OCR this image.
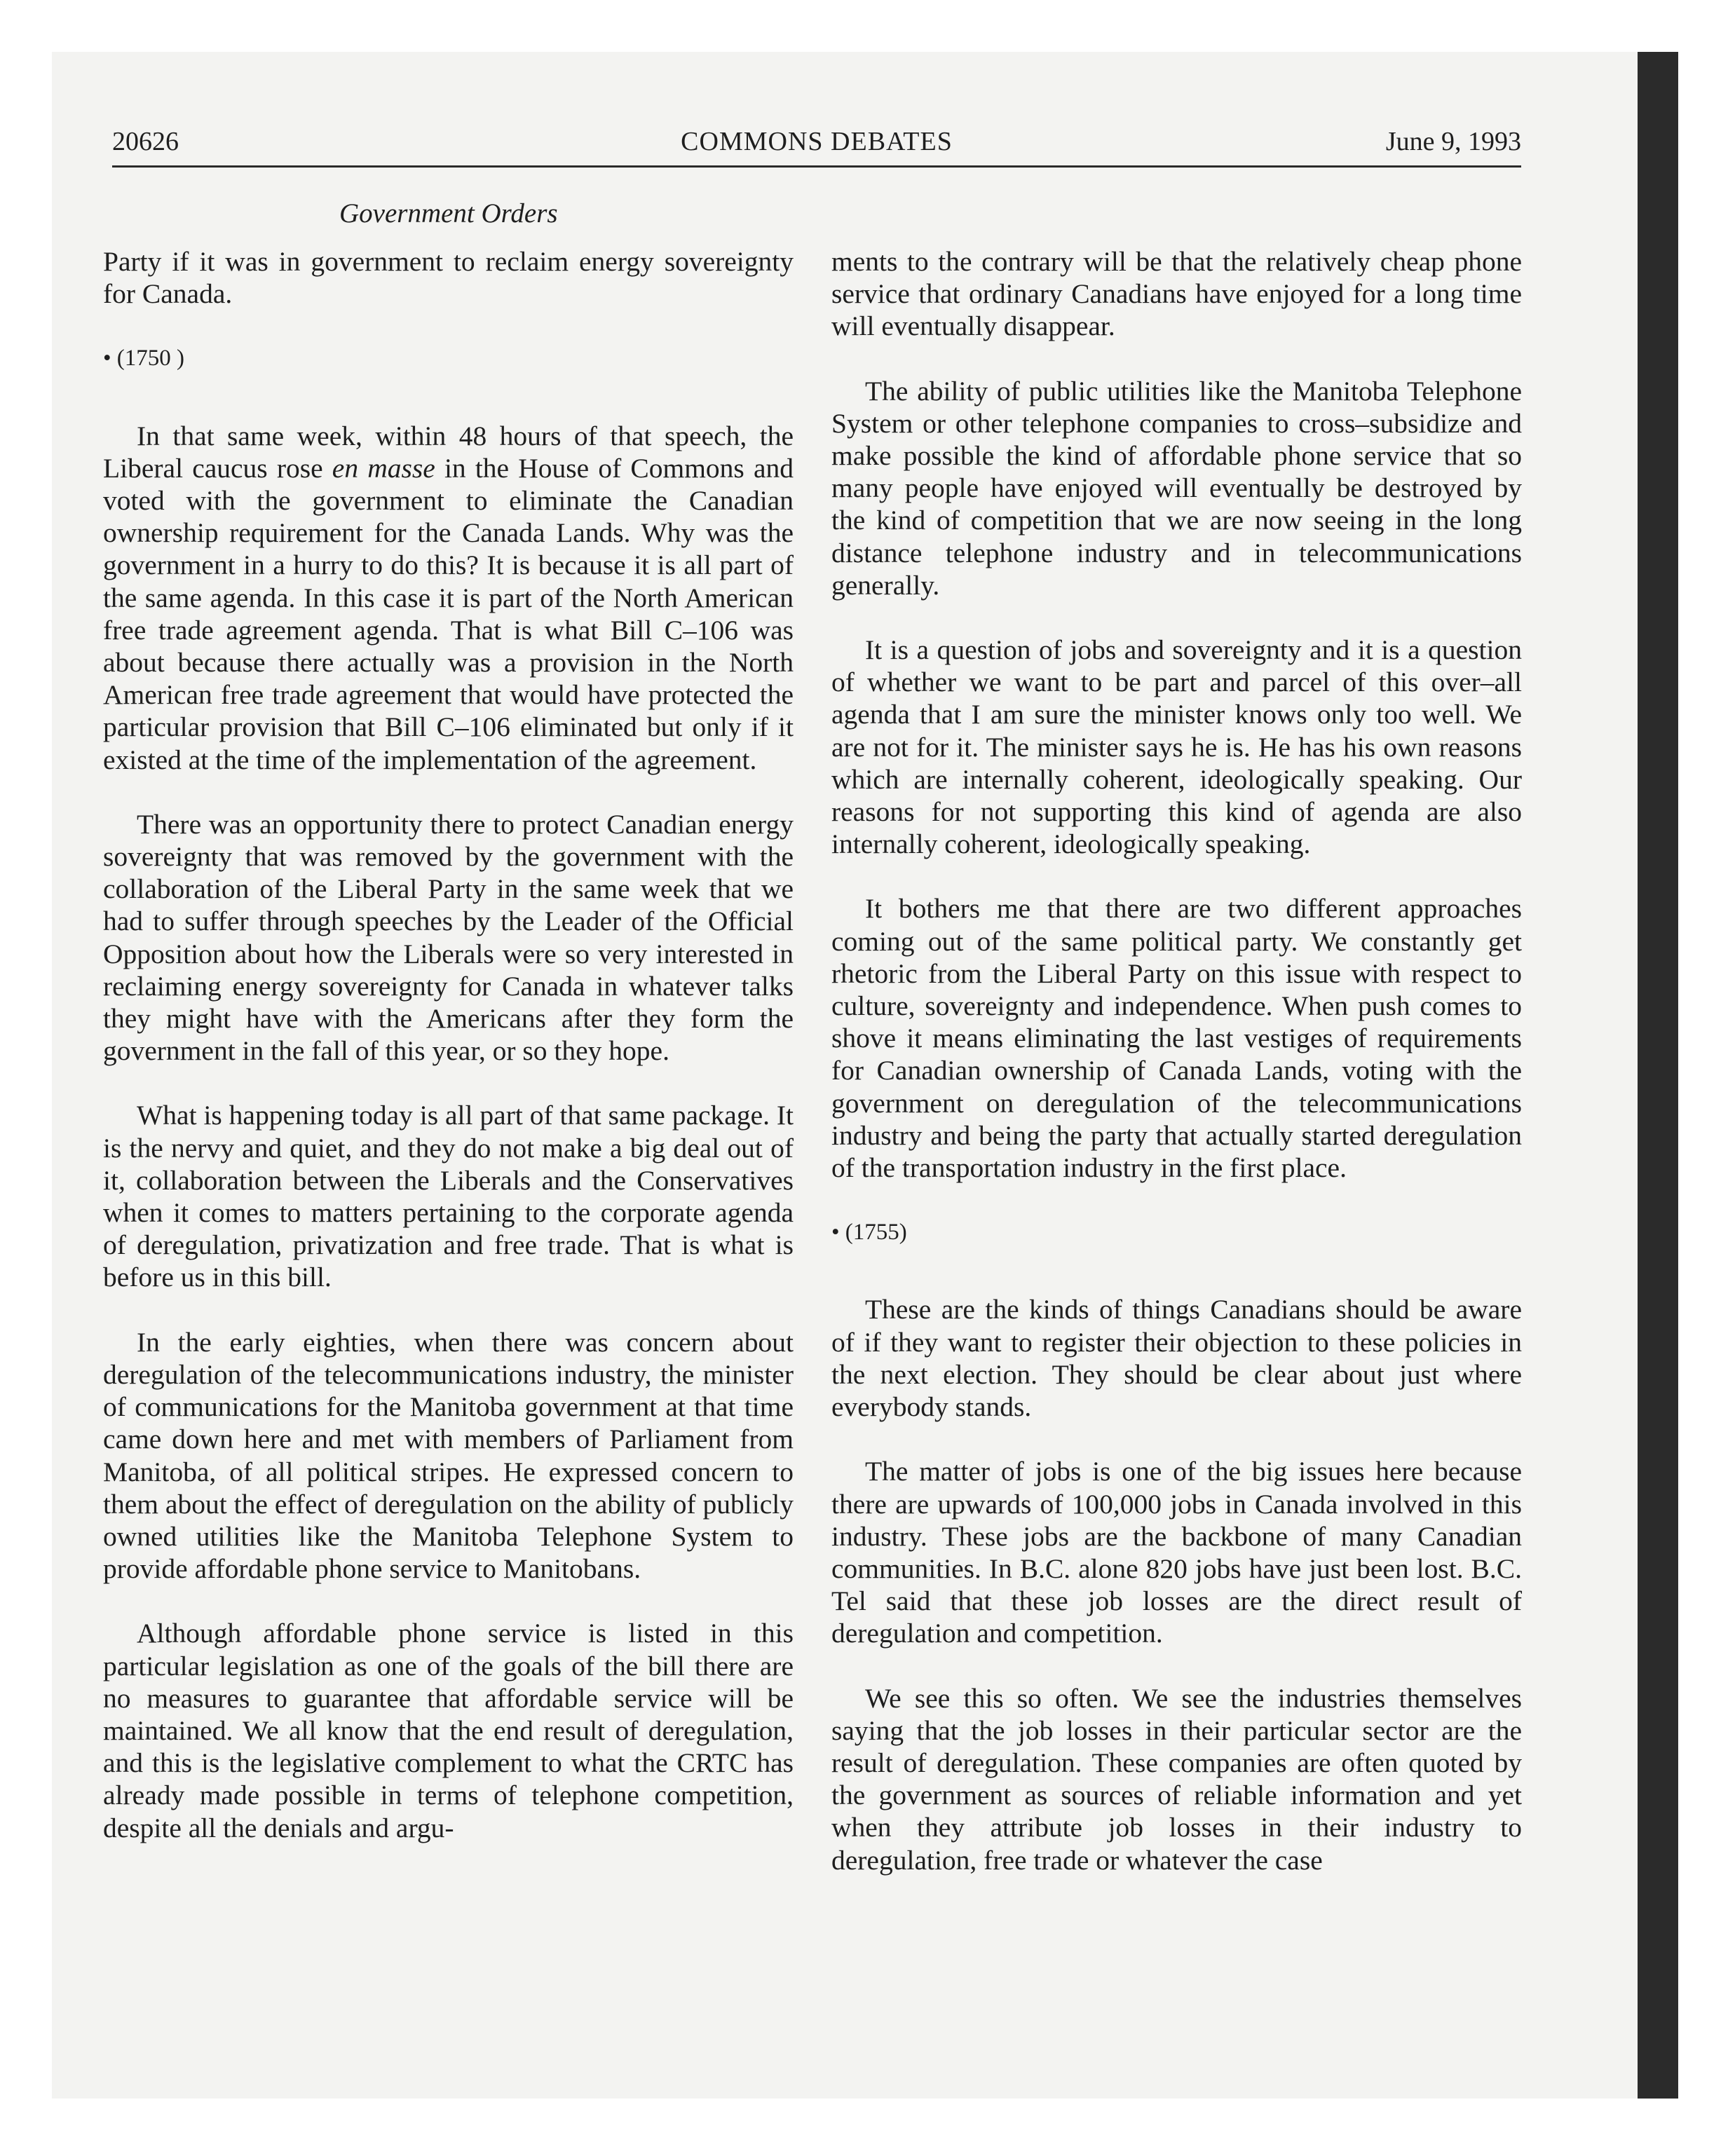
20626	COMMONS DEBATES	June 9, 1993
Government Orders

Party if it was in government to reclaim energy sovereignty for Canada.

• (1750 )

In that same week, within 48 hours of that speech, the Liberal caucus rose en masse in the House of Commons and voted with the government to eliminate the Canadian ownership requirement for the Canada Lands. Why was the government in a hurry to do this? It is because it is all part of the same agenda. In this case it is part of the North American free trade agreement agenda. That is what Bill C–106 was about because there actually was a provision in the North American free trade agreement that would have protected the particular provision that Bill C–106 eliminated but only if it existed at the time of the implementation of the agreement.

There was an opportunity there to protect Canadian energy sovereignty that was removed by the government with the collaboration of the Liberal Party in the same week that we had to suffer through speeches by the Leader of the Official Opposition about how the Liberals were so very interested in reclaiming energy sovereignty for Canada in whatever talks they might have with the Americans after they form the government in the fall of this year, or so they hope.

What is happening today is all part of that same package. It is the nervy and quiet, and they do not make a big deal out of it, collaboration between the Liberals and the Conservatives when it comes to matters pertaining to the corporate agenda of deregulation, privatization and free trade. That is what is before us in this bill.

In the early eighties, when there was concern about deregulation of the telecommunications industry, the minister of communications for the Manitoba government at that time came down here and met with members of Parliament from Manitoba, of all political stripes. He expressed concern to them about the effect of deregulation on the ability of publicly owned utilities like the Manitoba Telephone System to provide affordable phone service to Manitobans.

Although affordable phone service is listed in this particular legislation as one of the goals of the bill there are no measures to guarantee that affordable service will be maintained. We all know that the end result of deregulation, and this is the legislative complement to what the CRTC has already made possible in terms of telephone competition, despite all the denials and argu-

ments to the contrary will be that the relatively cheap phone service that ordinary Canadians have enjoyed for a long time will eventually disappear.

The ability of public utilities like the Manitoba Telephone System or other telephone companies to cross–subsidize and make possible the kind of affordable phone service that so many people have enjoyed will eventually be destroyed by the kind of competition that we are now seeing in the long distance telephone industry and in telecommunications generally.

It is a question of jobs and sovereignty and it is a question of whether we want to be part and parcel of this over–all agenda that I am sure the minister knows only too well. We are not for it. The minister says he is. He has his own reasons which are internally coherent, ideologically speaking. Our reasons for not supporting this kind of agenda are also internally coherent, ideologically speaking.

It bothers me that there are two different approaches coming out of the same political party. We constantly get rhetoric from the Liberal Party on this issue with respect to culture, sovereignty and independence. When push comes to shove it means eliminating the last vestiges of requirements for Canadian ownership of Canada Lands, voting with the government on deregulation of the telecommunications industry and being the party that actually started deregulation of the transportation industry in the first place.

• (1755)

These are the kinds of things Canadians should be aware of if they want to register their objection to these policies in the next election. They should be clear about just where everybody stands.

The matter of jobs is one of the big issues here because there are upwards of 100,000 jobs in Canada involved in this industry. These jobs are the backbone of many Canadian communities. In B.C. alone 820 jobs have just been lost. B.C. Tel said that these job losses are the direct result of deregulation and competition.

We see this so often. We see the industries themselves saying that the job losses in their particular sector are the result of deregulation. These companies are often quoted by the government as sources of reliable information and yet when they attribute job losses in their industry to deregulation, free trade or whatever the case
